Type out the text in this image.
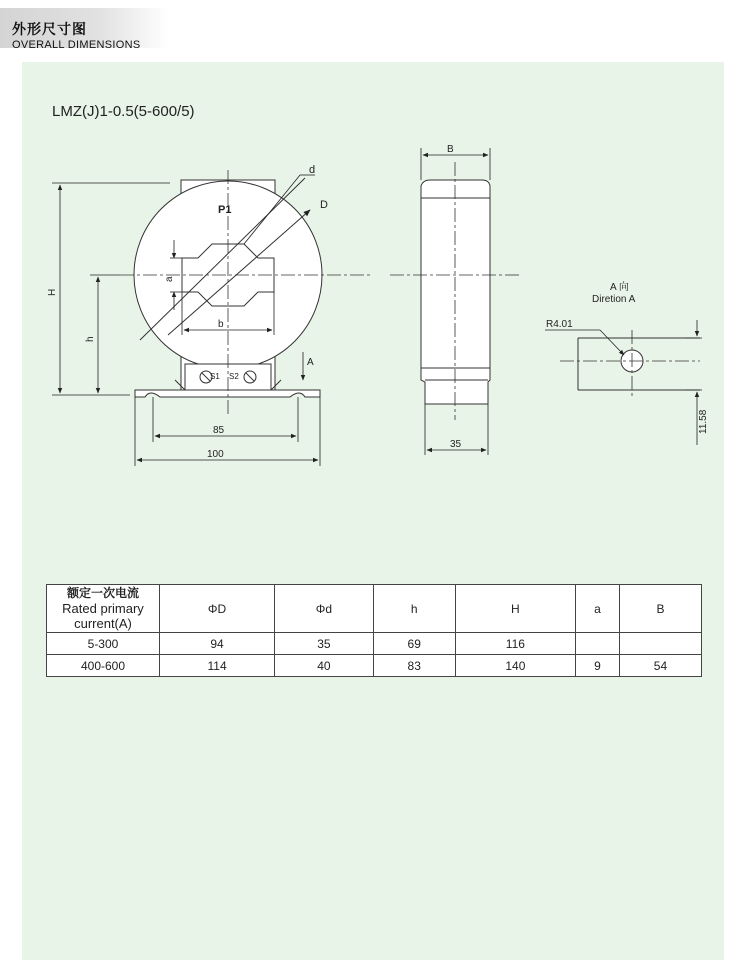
外形尺寸图
OVERALL DIMENSIONS
LMZ(J)1-0.5(5-600/5)
d
D
P1
a
b
H
h
S1 S2
A
85
100
B
35
A 向
Diretion A
R4.01
11.58
额定一次电流
Rated primary
current(A)	ΦD	Φd	h	H	a	B
5-300	94	35	69	116		
400-600	114	40	83	140	9	54
